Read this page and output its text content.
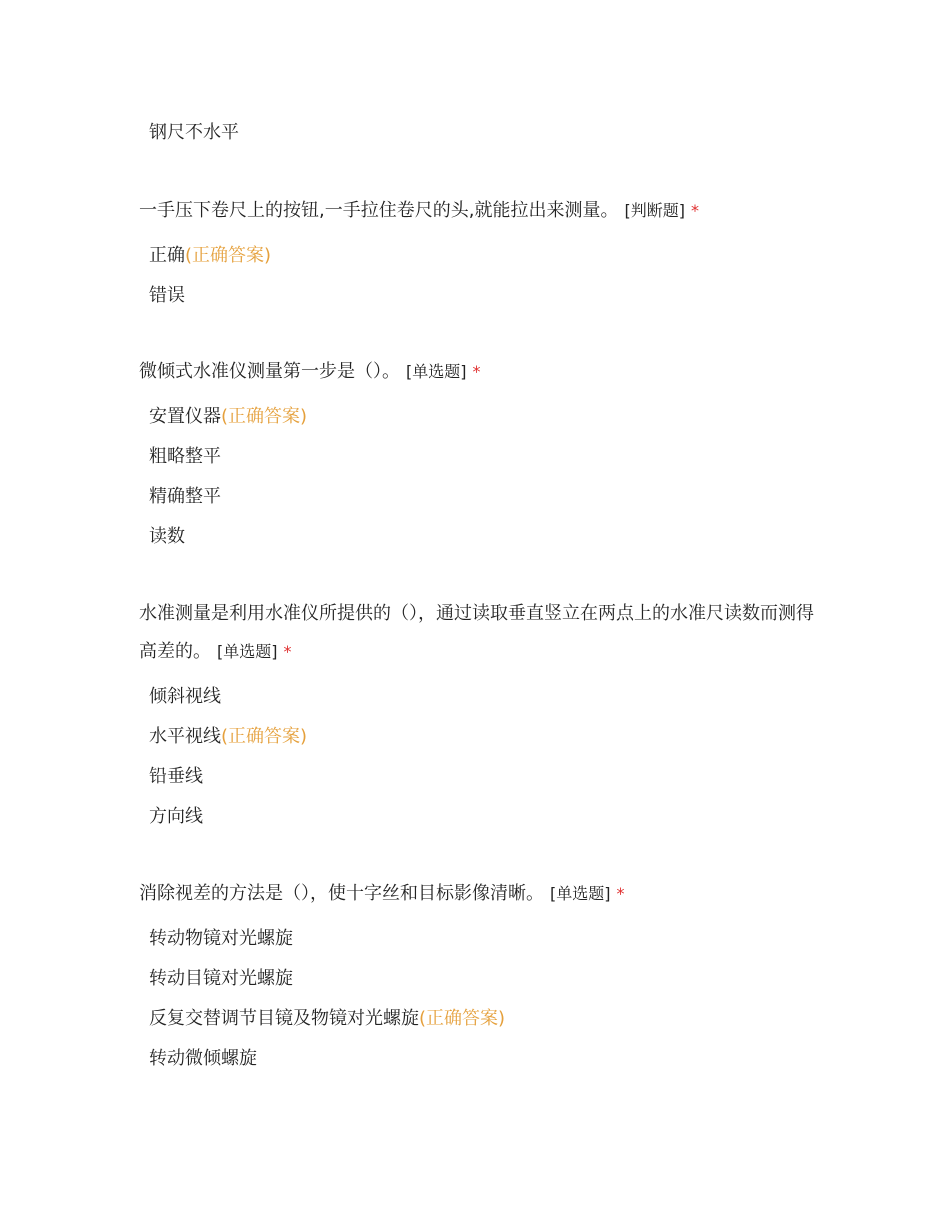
钢尺不水平

一手压下卷尺上的按钮,一手拉住卷尺的头,就能拉出来测量。 [判断题] *

正确(正确答案)
错误

微倾式水准仪测量第一步是（）。 [单选题] *

安置仪器(正确答案)
粗略整平
精确整平
读数

水准测量是利用水准仪所提供的（），通过读取垂直竖立在两点上的水准尺读数而测得高差的。 [单选题] *

倾斜视线
水平视线(正确答案)
铅垂线
方向线

消除视差的方法是（），使十字丝和目标影像清晰。 [单选题] *

转动物镜对光螺旋
转动目镜对光螺旋
反复交替调节目镜及物镜对光螺旋(正确答案)
转动微倾螺旋
